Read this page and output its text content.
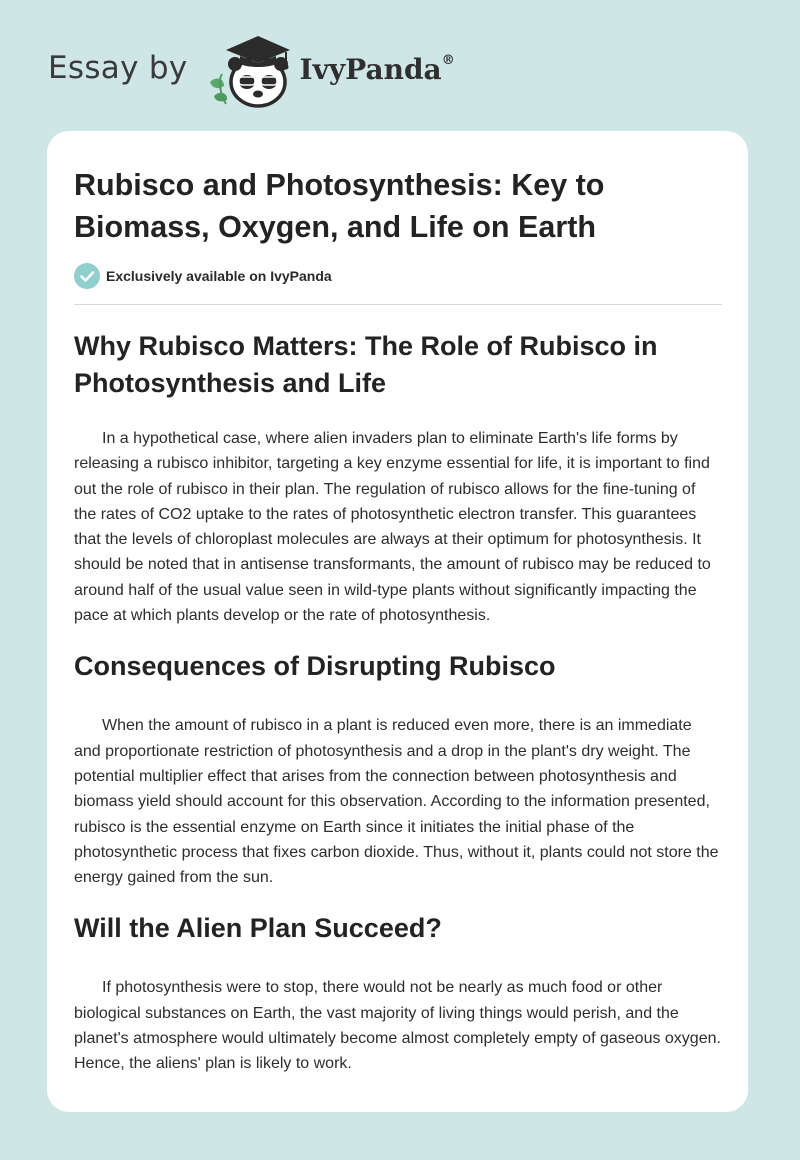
Essay by	IvyPanda®
Rubisco and Photosynthesis: Key to Biomass, Oxygen, and Life on Earth
Exclusively available on IvyPanda
Why Rubisco Matters: The Role of Rubisco in Photosynthesis and Life

In a hypothetical case, where alien invaders plan to eliminate Earth's life forms by releasing a rubisco inhibitor, targeting a key enzyme essential for life, it is important to find out the role of rubisco in their plan. The regulation of rubisco allows for the fine-tuning of the rates of CO2 uptake to the rates of photosynthetic electron transfer. This guarantees that the levels of chloroplast molecules are always at their optimum for photosynthesis. It should be noted that in antisense transformants, the amount of rubisco may be reduced to around half of the usual value seen in wild-type plants without significantly impacting the pace at which plants develop or the rate of photosynthesis.

Consequences of Disrupting Rubisco

When the amount of rubisco in a plant is reduced even more, there is an immediate and proportionate restriction of photosynthesis and a drop in the plant's dry weight. The potential multiplier effect that arises from the connection between photosynthesis and biomass yield should account for this observation. According to the information presented, rubisco is the essential enzyme on Earth since it initiates the initial phase of the photosynthetic process that fixes carbon dioxide. Thus, without it, plants could not store the energy gained from the sun.

Will the Alien Plan Succeed?

If photosynthesis were to stop, there would not be nearly as much food or other biological substances on Earth, the vast majority of living things would perish, and the planet's atmosphere would ultimately become almost completely empty of gaseous oxygen. Hence, the aliens' plan is likely to work.
